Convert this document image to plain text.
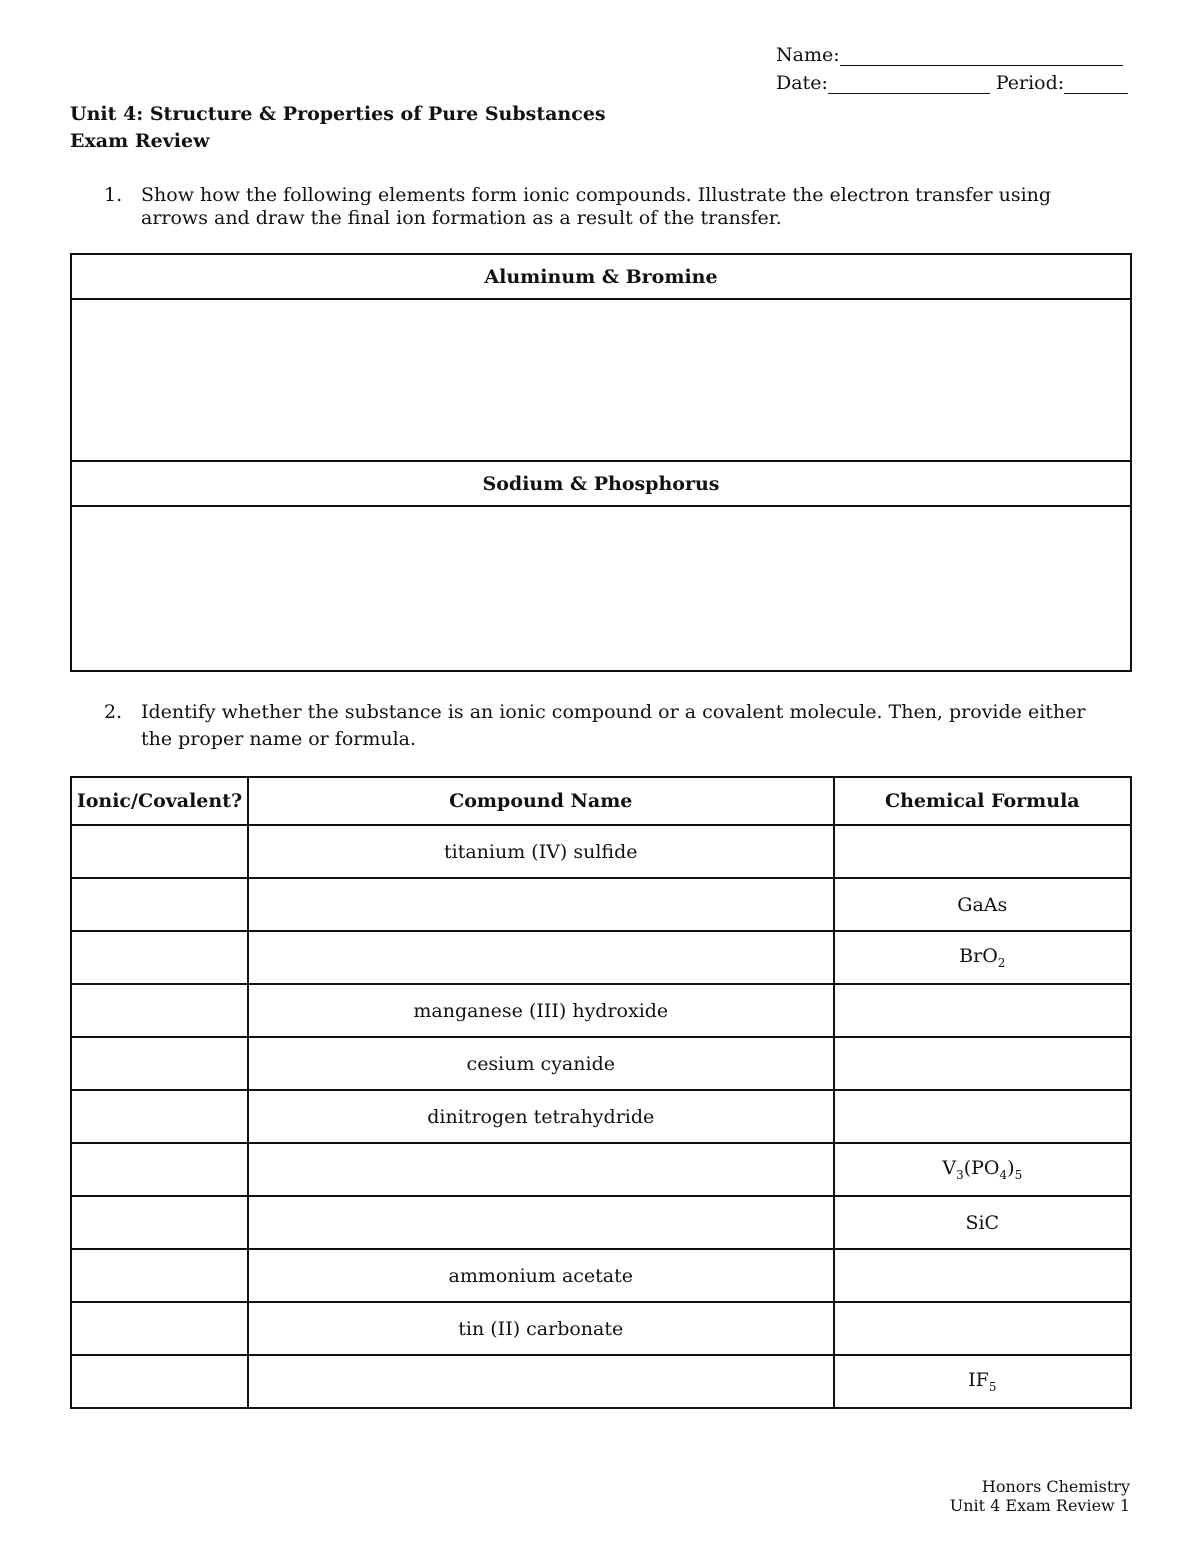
Name:
Date:	Period:
Unit 4: Structure & Properties of Pure Substances
Exam Review
1. Show how the following elements form ionic compounds. Illustrate the electron transfer using arrows and draw the final ion formation as a result of the transfer.
Aluminum & Bromine
Sodium & Phosphorus
2. Identify whether the substance is an ionic compound or a covalent molecule. Then, provide either the proper name or formula.
Ionic/Covalent?	Compound Name	Chemical Formula
	titanium (IV) sulfide	
		GaAs
		BrO$_2$
	manganese (III) hydroxide	
	cesium cyanide	
	dinitrogen tetrahydride	
		$V_3(PO_4)_5$
		SiC
	ammonium acetate	
	tin (II) carbonate	
		$IF_5$
Honors Chemistry
Unit 4 Exam Review 1
